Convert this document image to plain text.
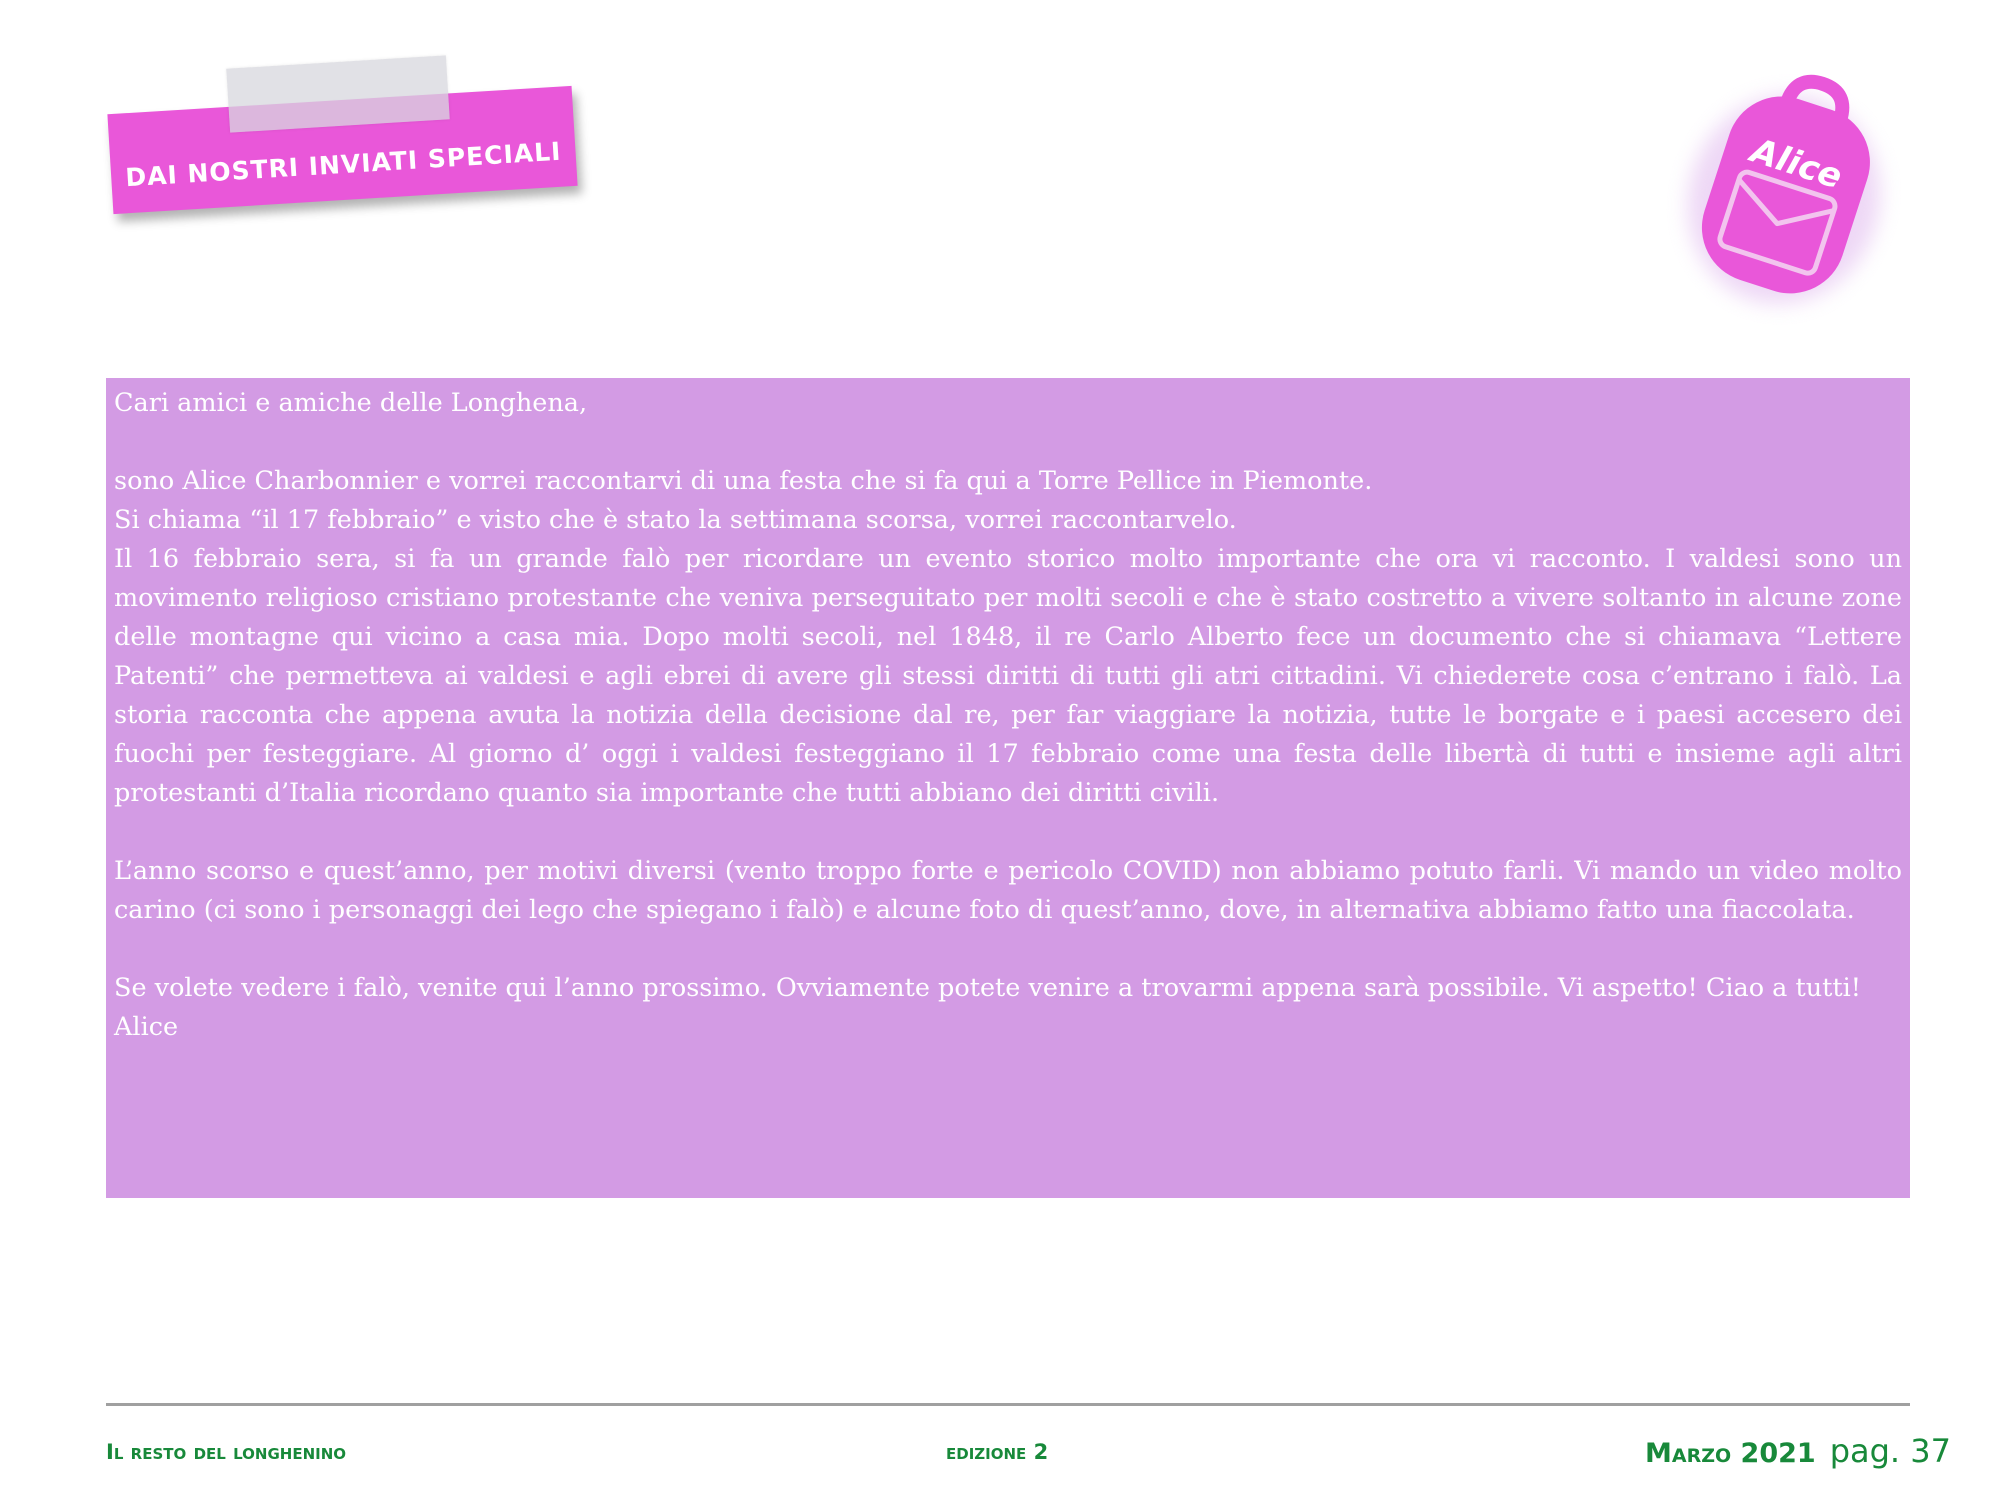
DAI NOSTRI INVIATI SPECIALI	Alice

Cari amici e amiche delle Longhena,

sono Alice Charbonnier e vorrei raccontarvi di una festa che si fa qui a Torre Pellice in Piemonte.

Si chiama “il 17 febbraio” e visto che è stato la settimana scorsa, vorrei raccontarvelo.

Il 16 febbraio sera, si fa un grande falò per ricordare un evento storico molto importante che ora vi racconto. I valdesi sono un movimento religioso cristiano protestante che veniva perseguitato per molti secoli e che è stato costretto a vivere soltanto in alcune zone delle montagne qui vicino a casa mia. Dopo molti secoli, nel 1848, il re Carlo Alberto fece un documento che si chiamava “Lettere Patenti” che permetteva ai valdesi e agli ebrei di avere gli stessi diritti di tutti gli atri cittadini. Vi chiederete cosa c’entrano i falò. La storia racconta che appena avuta la notizia della decisione dal re, per far viaggiare la notizia, tutte le borgate e i paesi accesero dei fuochi per festeggiare. Al giorno d’ oggi i valdesi festeggiano il 17 febbraio come una festa delle libertà di tutti e insieme agli altri protestanti d’Italia ricordano quanto sia importante che tutti abbiano dei diritti civili.

L’anno scorso e quest’anno, per motivi diversi (vento troppo forte e pericolo COVID) non abbiamo potuto farli. Vi mando un video molto carino (ci sono i personaggi dei lego che spiegano i falò) e alcune foto di quest’anno, dove, in alternativa abbiamo fatto una fiaccolata.

Se volete vedere i falò, venite qui l’anno prossimo. Ovviamente potete venire a trovarmi appena sarà possibile. Vi aspetto! Ciao a tutti!

Alice

Il resto del longhenino	edizione 2	Marzo 2021 pag. 37
